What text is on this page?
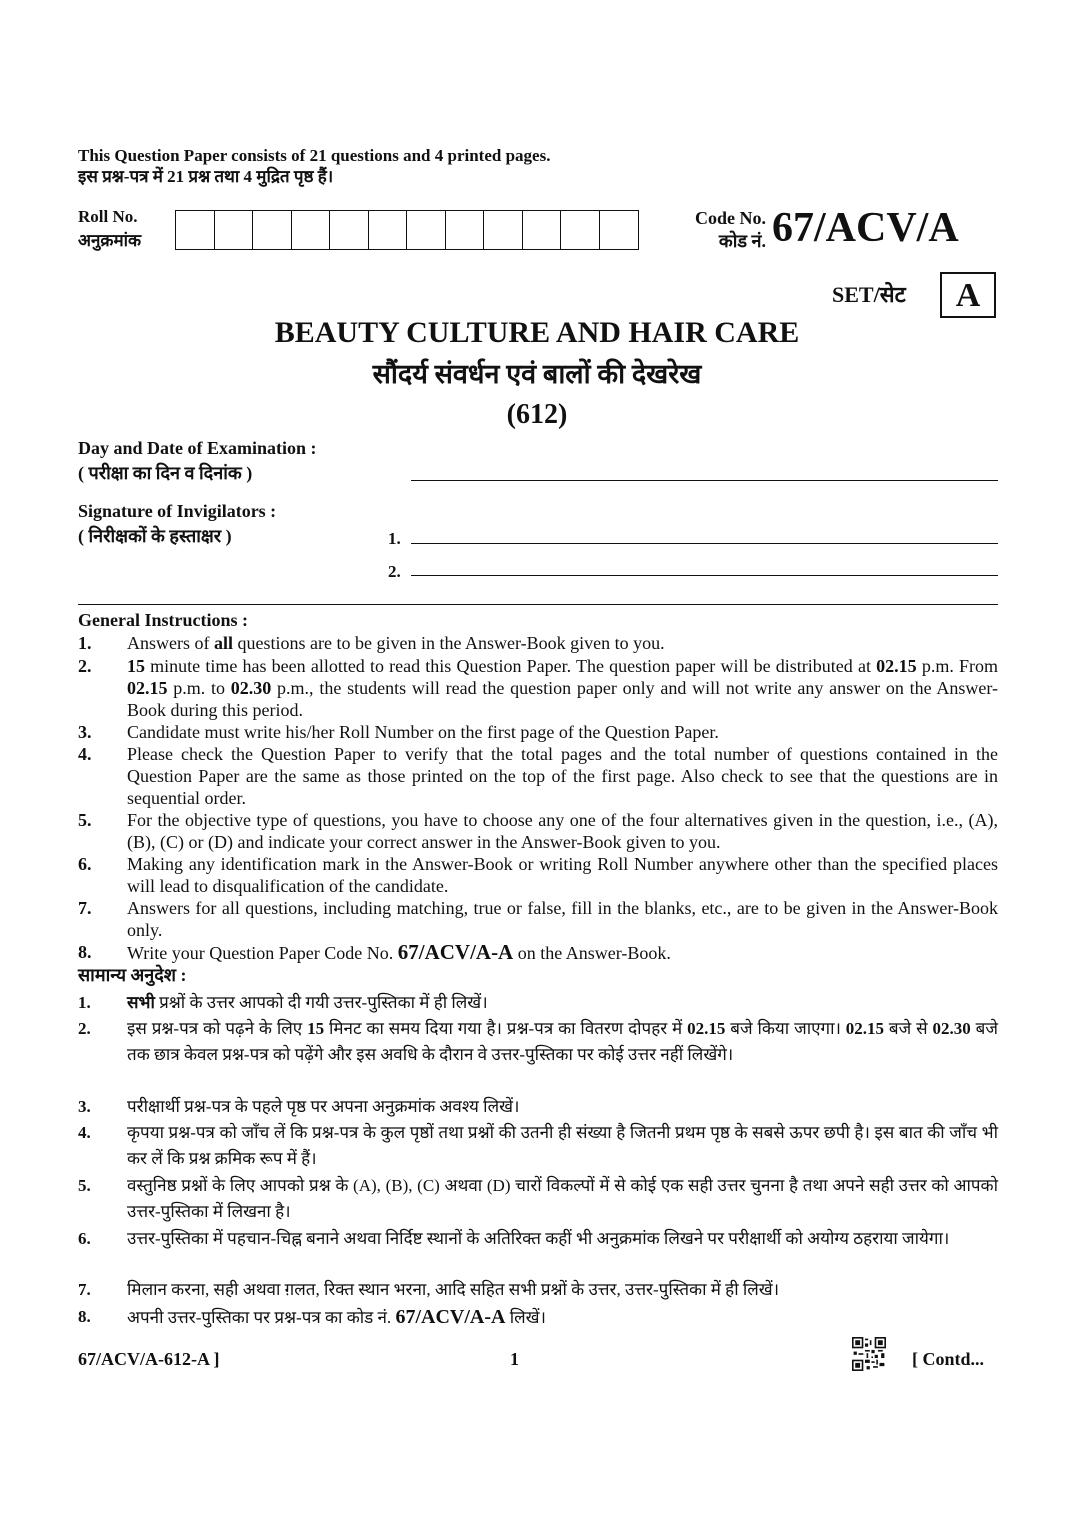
This Question Paper consists of 21 questions and 4 printed pages.
इस प्रश्न-पत्र में 21 प्रश्न तथा 4 मुद्रित पृष्ठ हैं।
Roll No.
अनुक्रमांक
Code No.
कोड नं. 67/ACV/A
SET/सेट	A
BEAUTY CULTURE AND HAIR CARE
सौंदर्य संवर्धन एवं बालों की देखरेख
(612)
Day and Date of Examination :
( परीक्षा का दिन व दिनांक )
Signature of Invigilators :
( निरीक्षकों के हस्ताक्षर )	1.
2.
General Instructions :
1. Answers of all questions are to be given in the Answer-Book given to you.
2. 15 minute time has been allotted to read this Question Paper. The question paper will be distributed at 02.15 p.m. From 02.15 p.m. to 02.30 p.m., the students will read the question paper only and will not write any answer on the Answer-Book during this period.
3. Candidate must write his/her Roll Number on the first page of the Question Paper.
4. Please check the Question Paper to verify that the total pages and the total number of questions contained in the Question Paper are the same as those printed on the top of the first page. Also check to see that the questions are in sequential order.
5. For the objective type of questions, you have to choose any one of the four alternatives given in the question, i.e., (A), (B), (C) or (D) and indicate your correct answer in the Answer-Book given to you.
6. Making any identification mark in the Answer-Book or writing Roll Number anywhere other than the specified places will lead to disqualification of the candidate.
7. Answers for all questions, including matching, true or false, fill in the blanks, etc., are to be given in the Answer-Book only.
8. Write your Question Paper Code No. 67/ACV/A-A on the Answer-Book.
सामान्य अनुदेश :
1. सभी प्रश्नों के उत्तर आपको दी गयी उत्तर-पुस्तिका में ही लिखें।
2. इस प्रश्न-पत्र को पढ़ने के लिए 15 मिनट का समय दिया गया है। प्रश्न-पत्र का वितरण दोपहर में 02.15 बजे किया जाएगा। 02.15 बजे से 02.30 बजे तक छात्र केवल प्रश्न-पत्र को पढ़ेंगे और इस अवधि के दौरान वे उत्तर-पुस्तिका पर कोई उत्तर नहीं लिखेंगे।
3. परीक्षार्थी प्रश्न-पत्र के पहले पृष्ठ पर अपना अनुक्रमांक अवश्य लिखें।
4. कृपया प्रश्न-पत्र को जाँच लें कि प्रश्न-पत्र के कुल पृष्ठों तथा प्रश्नों की उतनी ही संख्या है जितनी प्रथम पृष्ठ के सबसे ऊपर छपी है। इस बात की जाँच भी कर लें कि प्रश्न क्रमिक रूप में हैं।
5. वस्तुनिष्ठ प्रश्नों के लिए आपको प्रश्न के (A), (B), (C) अथवा (D) चारों विकल्पों में से कोई एक सही उत्तर चुनना है तथा अपने सही उत्तर को आपको उत्तर-पुस्तिका में लिखना है।
6. उत्तर-पुस्तिका में पहचान-चिह्न बनाने अथवा निर्दिष्ट स्थानों के अतिरिक्त कहीं भी अनुक्रमांक लिखने पर परीक्षार्थी को अयोग्य ठहराया जायेगा।
7. मिलान करना, सही अथवा ग़लत, रिक्त स्थान भरना, आदि सहित सभी प्रश्नों के उत्तर, उत्तर-पुस्तिका में ही लिखें।
8. अपनी उत्तर-पुस्तिका पर प्रश्न-पत्र का कोड नं. 67/ACV/A-A लिखें।
67/ACV/A-612-A ]	1	[ Contd...
